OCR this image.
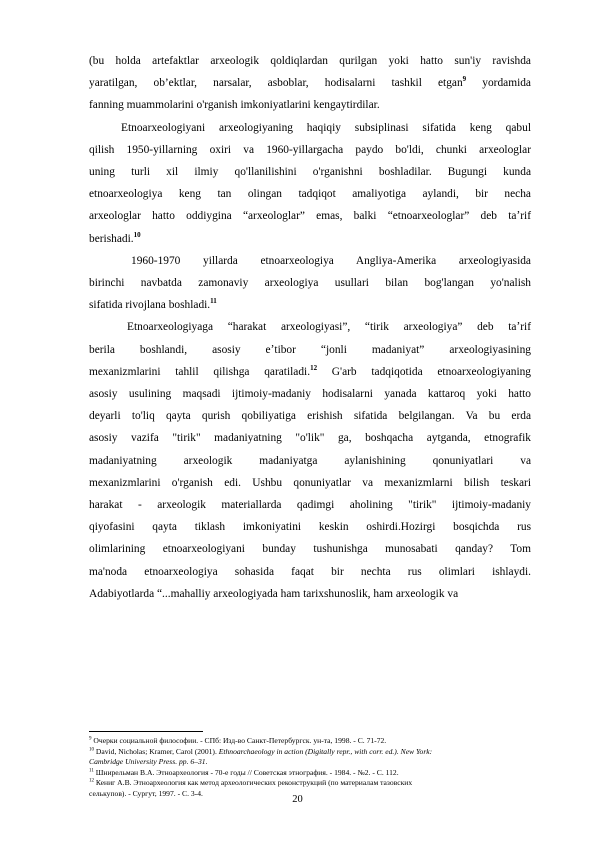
(bu holda artefaktlar arxeologik qoldiqlardan qurilgan yoki hatto sun'iy ravishda
yaratilgan, ob’ektlar, narsalar, asboblar, hodisalarni tashkil etgan$^9$ yordamida
fanning muammolarini o'rganish imkoniyatlarini kengaytirdilar.
Etnoarxeologiyani arxeologiyaning haqiqiy subsiplinasi sifatida keng qabul
qilish 1950-yillarning oxiri va 1960-yillargacha paydo bo'ldi, chunki arxeologlar
uning turli xil ilmiy qo'llanilishini o'rganishni boshladilar. Bugungi kunda
etnoarxeologiya keng tan olingan tadqiqot amaliyotiga aylandi, bir necha
arxeologlar hatto oddiygina “arxeologlar” emas, balki “etnoarxeologlar” deb taʼrif
berishadi.$^{10}$
1960-1970 yillarda etnoarxeologiya Angliya-Amerika arxeologiyasida
birinchi navbatda zamonaviy arxeologiya usullari bilan bog'langan yo'nalish
sifatida rivojlana boshladi.$^{11}$
Etnoarxeologiyaga “harakat arxeologiyasi”, “tirik arxeologiya” deb taʼrif
berila boshlandi, asosiy eʼtibor “jonli madaniyat” arxeologiyasining
mexanizmlarini tahlil qilishga qaratiladi.$^{12}$ G'arb tadqiqotida etnoarxeologiyaning
asosiy usulining maqsadi ijtimoiy-madaniy hodisalarni yanada kattaroq yoki hatto
deyarli to'liq qayta qurish qobiliyatiga erishish sifatida belgilangan. Va bu erda
asosiy vazifa "tirik" madaniyatning "o'lik" ga, boshqacha aytganda, etnografik
madaniyatning arxeologik madaniyatga aylanishining qonuniyatlari va
mexanizmlarini o'rganish edi. Ushbu qonuniyatlar va mexanizmlarni bilish teskari
harakat - arxeologik materiallarda qadimgi aholining "tirik" ijtimoiy-madaniy
qiyofasini qayta tiklash imkoniyatini keskin oshirdi.Hozirgi bosqichda rus
olimlarining etnoarxeologiyani bunday tushunishga munosabati qanday? Tom
ma'noda etnoarxeologiya sohasida faqat bir nechta rus olimlari ishlaydi.
Adabiyotlarda “...mahalliy arxeologiyada ham tarixshunoslik, ham arxeologik va
$^9$ Очерки социальной философии. - СПб: Изд-во Санкт-Петербургск. ун-та, 1998. - С. 71-72.
$^{10}$ David, Nicholas; Kramer, Carol (2001). Ethnoarchaeology in action (Digitally repr., with corr. ed.). New York:
Cambridge University Press. pp. 6–31.
$^{11}$ Шнирельман В.А. Этноархеология - 70-е годы // Советская этнография. - 1984. - №2. - С. 112.
$^{12}$ Кениг А.В. Этноархеология как метод археологических реконструкций (по материалам тазовских
селькупов). - Сургут, 1997. - С. 3-4.
20
